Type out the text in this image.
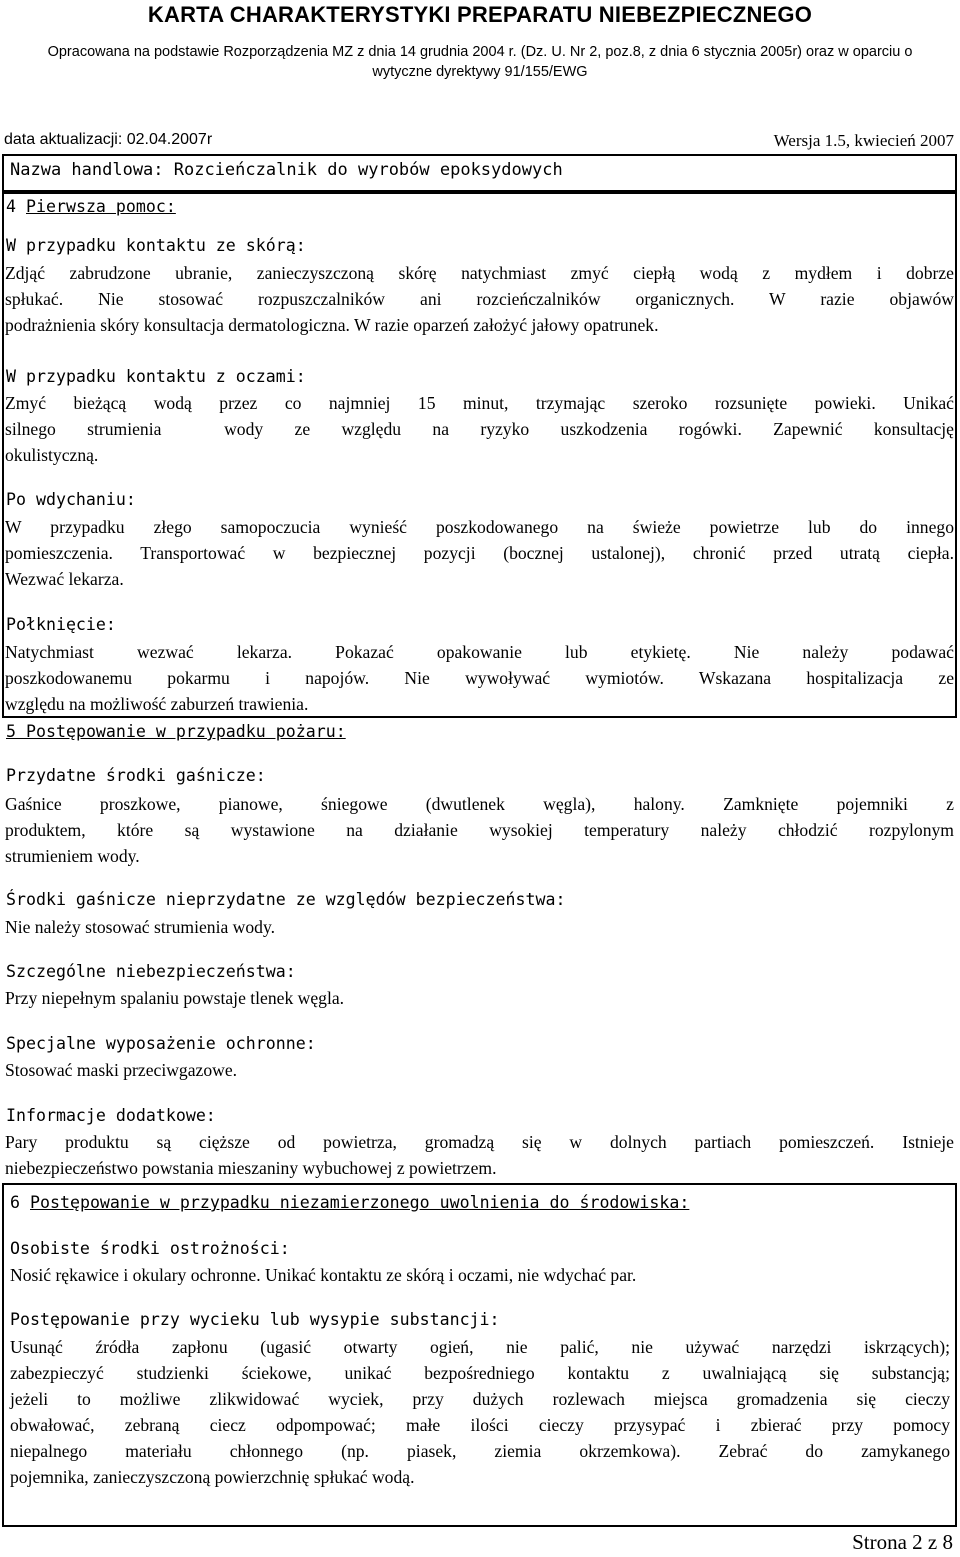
KARTA CHARAKTERYSTYKI PREPARATU NIEBEZPIECZNEGO
Opracowana na podstawie Rozporządzenia MZ z dnia 14 grudnia 2004 r. (Dz. U. Nr 2, poz.8, z dnia 6 stycznia 2005r) oraz w oparciu o
wytyczne dyrektywy 91/155/EWG
data aktualizacji: 02.04.2007r	Wersja 1.5, kwiecień 2007
Nazwa handlowa: Rozcieńczalnik do wyrobów epoksydowych
4 Pierwsza pomoc:
W przypadku kontaktu ze skórą:
Zdjąć zabrudzone ubranie, zanieczyszczoną skórę natychmiast zmyć ciepłą wodą z mydłem i dobrze
spłukać. Nie stosować rozpuszczalników ani rozcieńczalników organicznych. W razie objawów
podrażnienia skóry konsultacja dermatologiczna. W razie oparzeń założyć jałowy opatrunek.
W przypadku kontaktu z oczami:
Zmyć bieżącą wodą przez co najmniej 15 minut, trzymając szeroko rozsunięte powieki. Unikać
silnego strumienia  wody ze względu na ryzyko uszkodzenia rogówki. Zapewnić konsultację
okulistyczną.
Po wdychaniu:
W przypadku złego samopoczucia wynieść poszkodowanego na świeże powietrze lub do innego
pomieszczenia. Transportować w bezpiecznej pozycji (bocznej ustalonej), chronić przed utratą ciepła.
Wezwać lekarza.
Połknięcie:
Natychmiast wezwać lekarza. Pokazać opakowanie lub etykietę. Nie należy podawać
poszkodowanemu pokarmu i napojów. Nie wywoływać wymiotów. Wskazana hospitalizacja ze
względu na możliwość zaburzeń trawienia.
5 Postępowanie w przypadku pożaru:
Przydatne środki gaśnicze:
Gaśnice proszkowe, pianowe, śniegowe (dwutlenek węgla), halony. Zamknięte pojemniki z
produktem, które są wystawione na działanie wysokiej temperatury należy chłodzić rozpylonym
strumieniem wody.
Środki gaśnicze nieprzydatne ze względów bezpieczeństwa:
Nie należy stosować strumienia wody.
Szczególne niebezpieczeństwa:
Przy niepełnym spalaniu powstaje tlenek węgla.
Specjalne wyposażenie ochronne:
Stosować maski przeciwgazowe.
Informacje dodatkowe:
Pary produktu są cięższe od powietrza, gromadzą się w dolnych partiach pomieszczeń. Istnieje
niebezpieczeństwo powstania mieszaniny wybuchowej z powietrzem.
6 Postępowanie w przypadku niezamierzonego uwolnienia do środowiska:
Osobiste środki ostrożności:
Nosić rękawice i okulary ochronne. Unikać kontaktu ze skórą i oczami, nie wdychać par.
Postępowanie przy wycieku lub wysypie substancji:
Usunąć źródła zapłonu (ugasić otwarty ogień, nie palić, nie używać narzędzi iskrzących);
zabezpieczyć studzienki ściekowe, unikać bezpośredniego kontaktu z uwalniającą się substancją;
jeżeli to możliwe zlikwidować wyciek, przy dużych rozlewach miejsca gromadzenia się cieczy
obwałować, zebraną ciecz odpompować; małe ilości cieczy przysypać i zbierać przy pomocy
niepalnego materiału chłonnego (np. piasek, ziemia okrzemkowa). Zebrać do zamykanego
pojemnika, zanieczyszczoną powierzchnię spłukać wodą.
Strona 2 z 8
